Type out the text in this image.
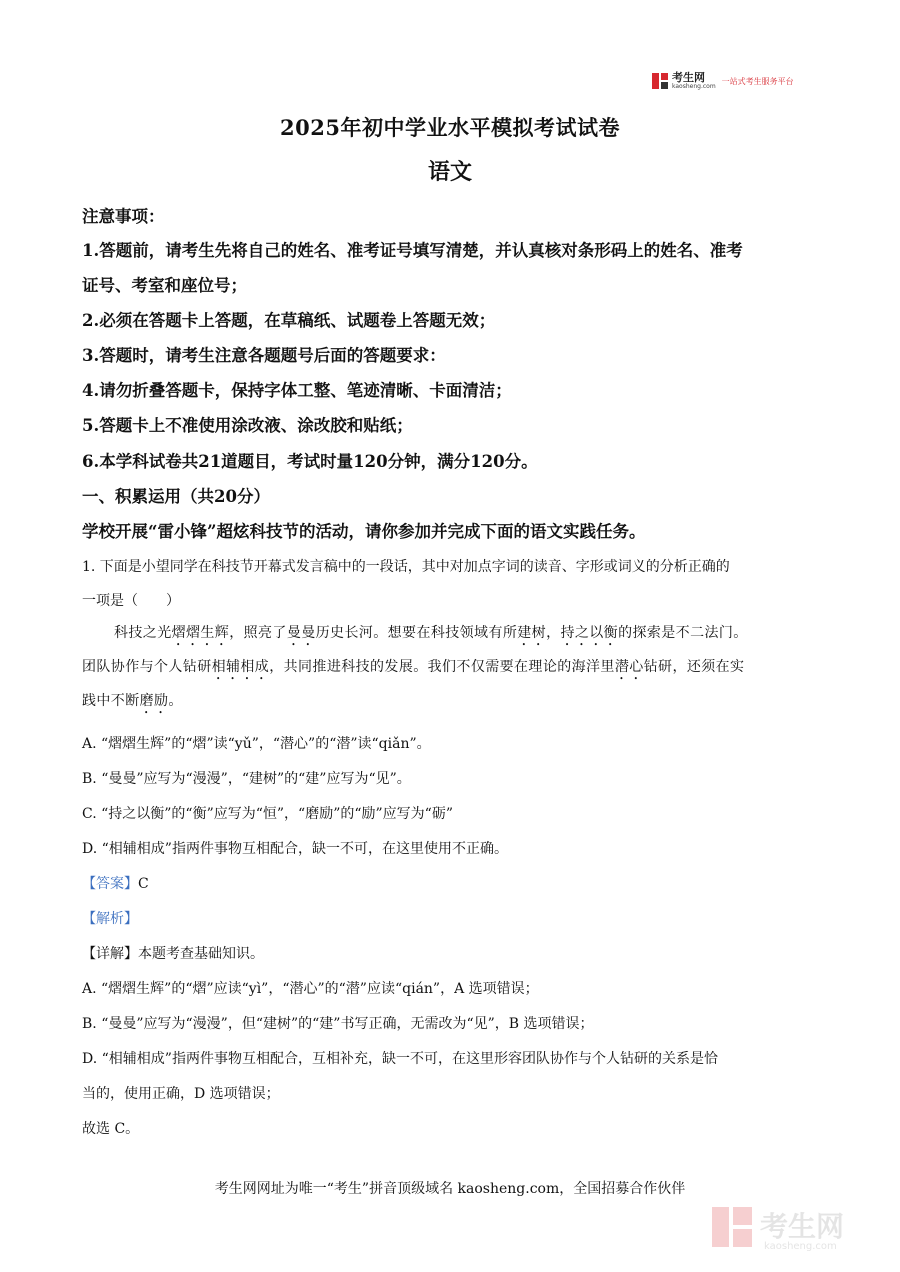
考生网
kaosheng.com
一站式考生服务平台
2025年初中学业水平模拟考试试卷
语文
注意事项：
1.答题前，请考生先将自己的姓名、准考证号填写清楚，并认真核对条形码上的姓名、准考
证号、考室和座位号；
2.必须在答题卡上答题，在草稿纸、试题卷上答题无效；
3.答题时，请考生注意各题题号后面的答题要求：
4.请勿折叠答题卡，保持字体工整、笔迹清晰、卡面清洁；
5.答题卡上不准使用涂改液、涂改胶和贴纸；
6.本学科试卷共21道题目，考试时量120分钟，满分120分。
一、积累运用（共20分）
学校开展“雷小锋”超炫科技节的活动，请你参加并完成下面的语文实践任务。
1. 下面是小望同学在科技节开幕式发言稿中的一段话，其中对加点字词的读音、字形或词义的分析正确的
一项是（　　）
科技之光熠熠生辉，照亮了曼曼历史长河。想要在科技领域有所建树，持之以衡的探索是不二法门。
团队协作与个人钻研相辅相成，共同推进科技的发展。我们不仅需要在理论的海洋里潜心钻研，还须在实
践中不断磨励。
A. “熠熠生辉”的“熠”读“yǔ”，“潜心”的“潜”读“qiǎn”。
B. “曼曼”应写为“漫漫”，“建树”的“建”应写为“见”。
C. “持之以衡”的“衡”应写为“恒”，“磨励”的“励”应写为“砺”
D. “相辅相成”指两件事物互相配合，缺一不可，在这里使用不正确。
【答案】C
【解析】
【详解】本题考查基础知识。
A. “熠熠生辉”的“熠”应读“yì”，“潜心”的“潜”应读“qián”，A 选项错误；
B. “曼曼”应写为“漫漫”，但“建树”的“建”书写正确，无需改为“见”，B 选项错误；
D. “相辅相成”指两件事物互相配合，互相补充，缺一不可，在这里形容团队协作与个人钻研的关系是恰
当的，使用正确，D 选项错误；
故选 C。
考生网网址为唯一“考生”拼音顶级域名 kaosheng.com，全国招募合作伙伴
考生网
kaosheng.com
